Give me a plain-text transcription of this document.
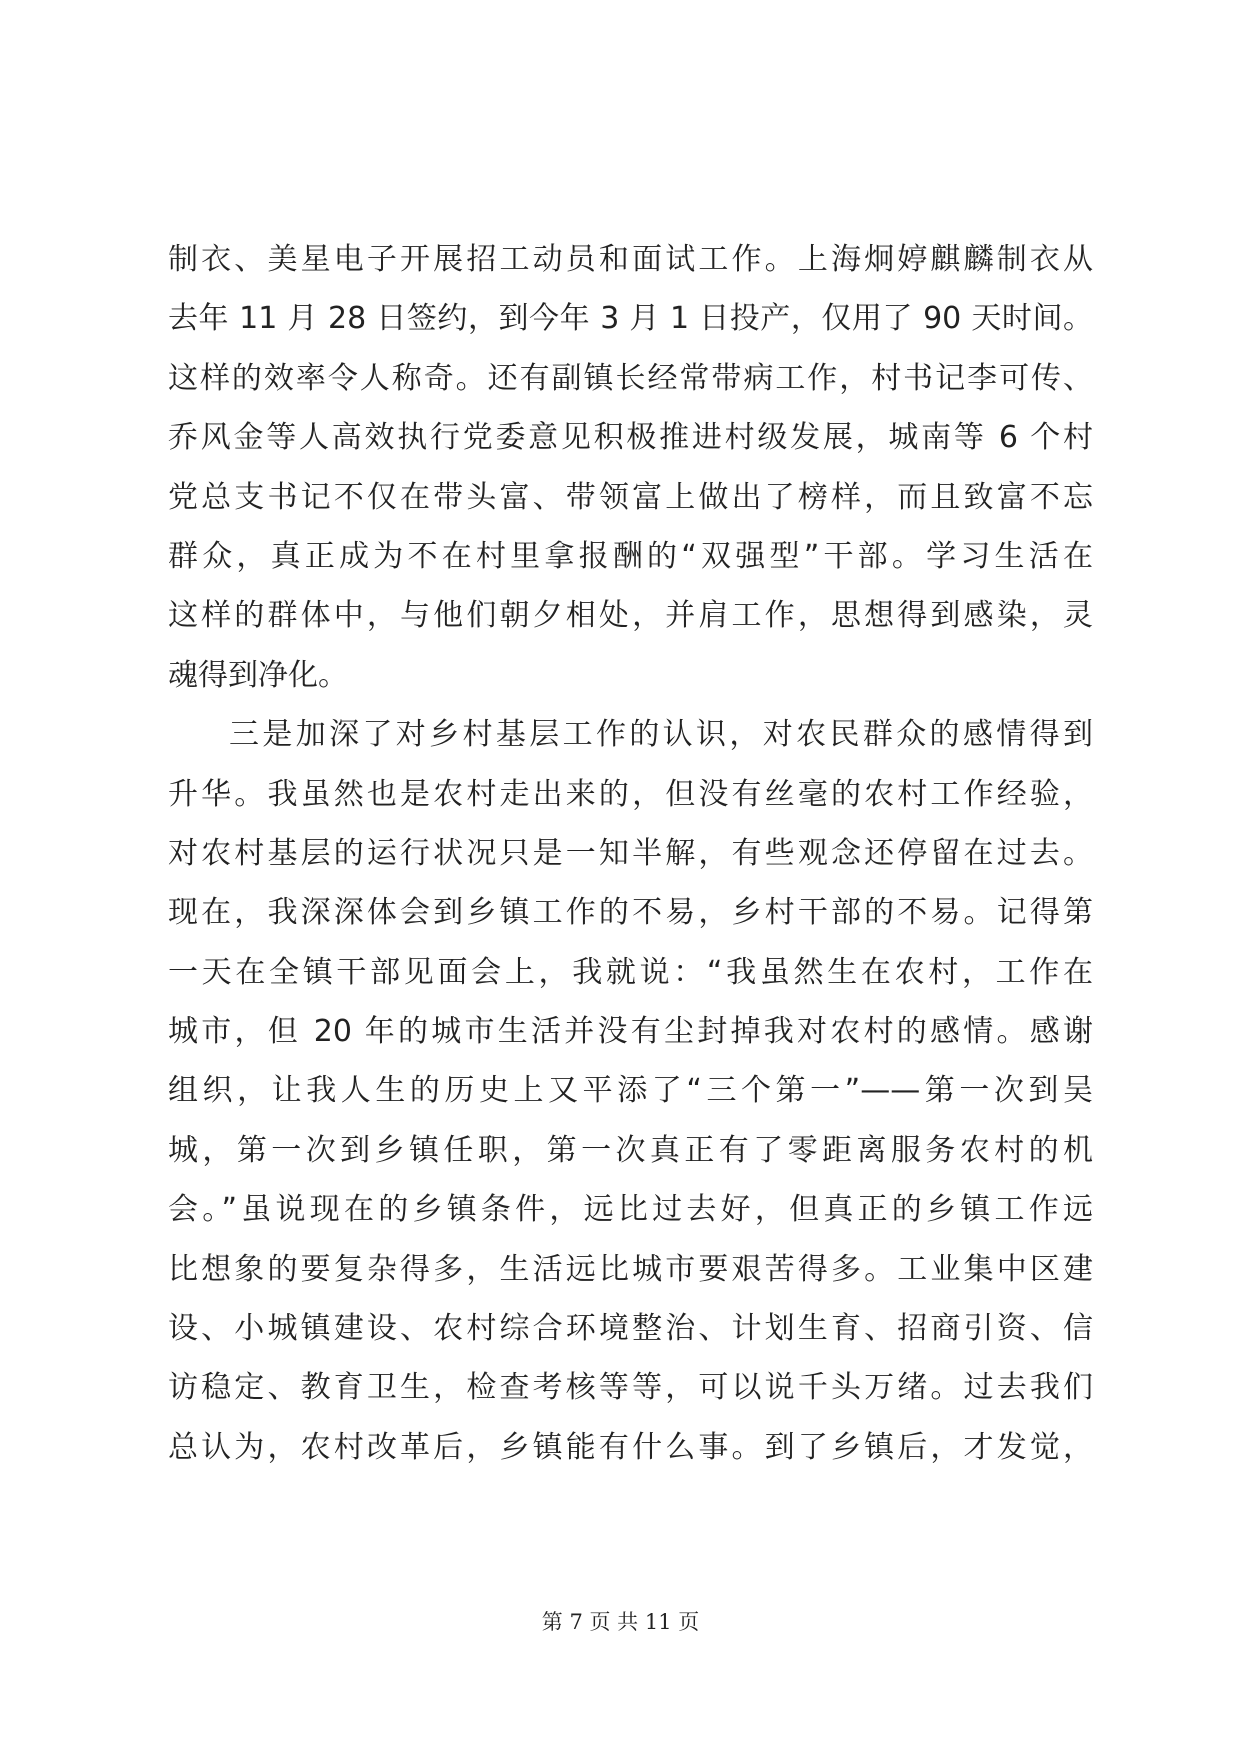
制衣、美星电子开展招工动员和面试工作。上海炯婷麒麟制衣从
去年 11 月 28 日签约，到今年 3 月 1 日投产，仅用了 90 天时间。
这样的效率令人称奇。还有副镇长经常带病工作，村书记李可传、
乔风金等人高效执行党委意见积极推进村级发展，城南等 6 个村
党总支书记不仅在带头富、带领富上做出了榜样，而且致富不忘
群众，真正成为不在村里拿报酬的“双强型”干部。学习生活在
这样的群体中，与他们朝夕相处，并肩工作，思想得到感染，灵
魂得到净化。
三是加深了对乡村基层工作的认识，对农民群众的感情得到
升华。我虽然也是农村走出来的，但没有丝毫的农村工作经验，
对农村基层的运行状况只是一知半解，有些观念还停留在过去。
现在，我深深体会到乡镇工作的不易，乡村干部的不易。记得第
一天在全镇干部见面会上，我就说：“我虽然生在农村，工作在
城市，但 20 年的城市生活并没有尘封掉我对农村的感情。感谢
组织，让我人生的历史上又平添了“三个第一”——第一次到吴
城，第一次到乡镇任职，第一次真正有了零距离服务农村的机
会。”虽说现在的乡镇条件，远比过去好，但真正的乡镇工作远
比想象的要复杂得多，生活远比城市要艰苦得多。工业集中区建
设、小城镇建设、农村综合环境整治、计划生育、招商引资、信
访稳定、教育卫生，检查考核等等，可以说千头万绪。过去我们
总认为，农村改革后，乡镇能有什么事。到了乡镇后，才发觉，
第 7 页 共 11 页
